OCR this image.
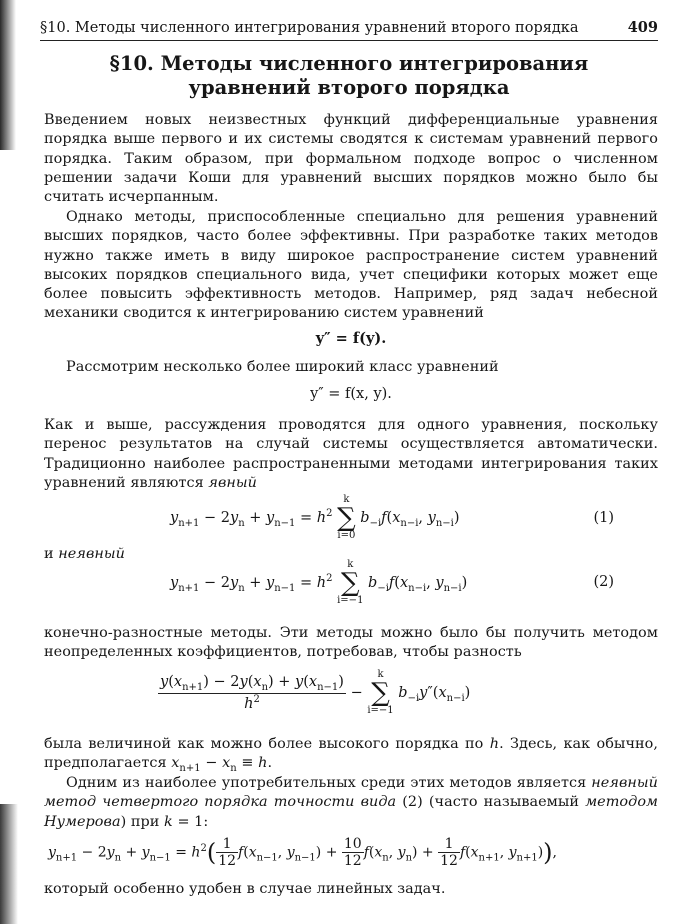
§10. Методы численного интегрирования уравнений второго порядка	409
§10. Методы численного интегрирования
уравнений второго порядка

Введением новых неизвестных функций дифференциальные уравнения порядка выше первого и их системы сводятся к системам уравнений первого порядка. Таким образом, при формальном подходе вопрос о численном решении задачи Коши для уравнений высших порядков можно было бы считать исчерпанным.

Однако методы, приспособленные специально для решения уравнений высших порядков, часто более эффективны. При разработке таких методов нужно также иметь в виду широкое распространение систем уравнений высоких порядков специального вида, учет специфики которых может еще более повысить эффективность методов. Например, ряд задач небесной механики сводится к интегрированию систем уравнений

y″ = f(y).

Рассмотрим несколько более широкий класс уравнений

y″ = f(x, y).

Как и выше, рассуждения проводятся для одного уравнения, поскольку перенос результатов на случай системы осуществляется автоматически. Традиционно наиболее распространенными методами интегрирования таких уравнений являются явный

$y_{n+1} - 2y_n + y_{n-1} = h^2$
k
∑
i=0
$b_{-i}f(x_{n-i}$, $y_{n-i}$)	(1)

и неявный

$y_{n+1} - 2y_n + y_{n-1} = h^2$
k
∑
i=−1
$b_{-i}f(x_{n-i}$, $y_{n-i}$)	(2)

конечно-разностные методы. Эти методы можно было бы получить методом неопределенных коэффициентов, потребовав, чтобы разность

$\frac{y(x_{n+1}) - 2y(x_n) + y(x_{n-1})}{h^2}$ −
k
∑
i=−1
$b_{-i}y''(x_{n-i})$

была величиной как можно более высокого порядка по h. Здесь, как обычно, предполагается $x_{n+1} - x_n \equiv h$.

Одним из наиболее употребительных среди этих методов является неявный метод четвертого порядка точности вида (2) (часто называемый методом Нумерова) при k = 1:

$y_{n+1} - 2y_n + y_{n-1} = h^2( \frac{1}{12} f(x_{n-1}$, $y_{n-1}) + \frac{10}{12} f(x_n$, $y_n) + \frac{1}{12} f(x_{n+1}$, $y_{n+1}$)),

который особенно удобен в случае линейных задач.
